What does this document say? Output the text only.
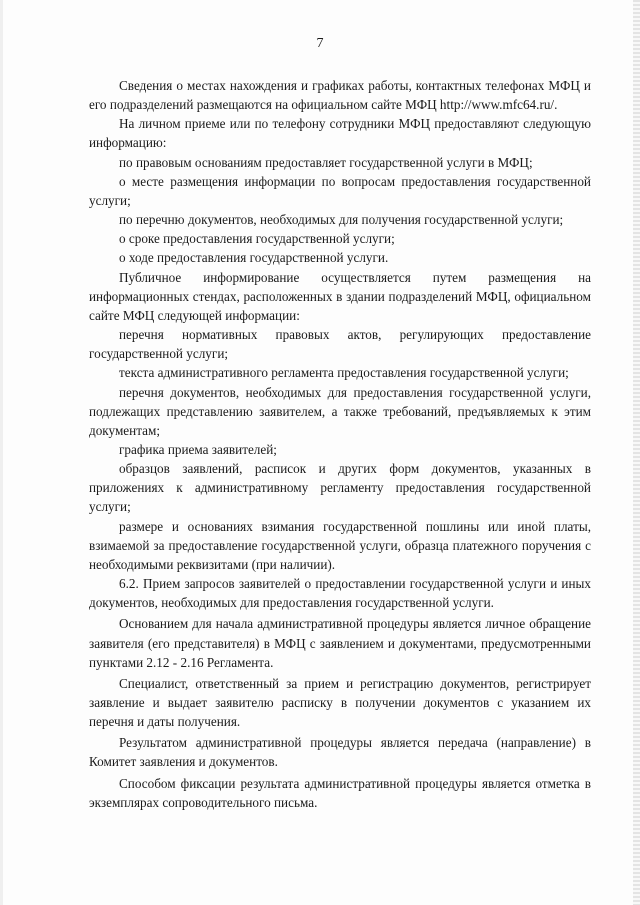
7

Сведения о местах нахождения и графиках работы, контактных телефонах МФЦ и его подразделений размещаются на официальном сайте МФЦ http://www.mfc64.ru/.

На личном приеме или по телефону сотрудники МФЦ предоставляют следующую информацию:

по правовым основаниям предоставляет государственной услуги в МФЦ;

о месте размещения информации по вопросам предоставления государственной услуги;

по перечню документов, необходимых для получения государственной услуги;

о сроке предоставления государственной услуги;

о ходе предоставления государственной услуги.

Публичное информирование осуществляется путем размещения на информационных стендах, расположенных в здании подразделений МФЦ, официальном сайте МФЦ следующей информации:

перечня нормативных правовых актов, регулирующих предоставление государственной услуги;

текста административного регламента предоставления государственной услуги;

перечня документов, необходимых для предоставления государственной услуги, подлежащих представлению заявителем, а также требований, предъявляемых к этим документам;

графика приема заявителей;

образцов заявлений, расписок и других форм документов, указанных в приложениях к административному регламенту предоставления государственной услуги;

размере и основаниях взимания государственной пошлины или иной платы, взимаемой за предоставление государственной услуги, образца платежного поручения с необходимыми реквизитами (при наличии).

6.2. Прием запросов заявителей о предоставлении государственной услуги и иных документов, необходимых для предоставления государственной услуги.

Основанием для начала административной процедуры является личное обращение заявителя (его представителя) в МФЦ с заявлением и документами, предусмотренными пунктами 2.12 - 2.16 Регламента.

Специалист, ответственный за прием и регистрацию документов, регистрирует заявление и выдает заявителю расписку в получении документов с указанием их перечня и даты получения.

Результатом административной процедуры является передача (направление) в Комитет заявления и документов.

Способом фиксации результата административной процедуры является отметка в экземплярах сопроводительного письма.
